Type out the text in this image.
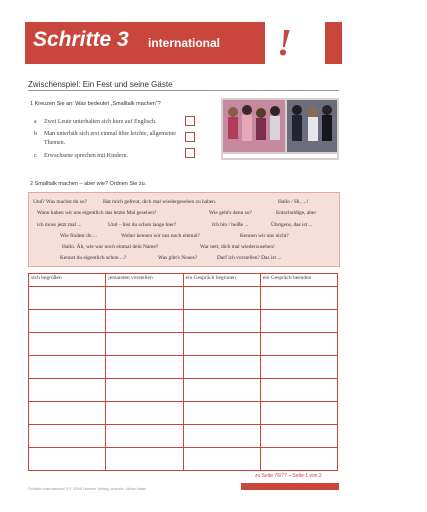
Schritte 3 international ! 7
Zwischenspiel: Ein Fest und seine Gäste
1 Kreuzen Sie an: Was bedeutet „Smalltalk machen“?
a Zwei Leute unterhalten sich kurz auf Englisch.
b Man unterhält sich erst einmal über leichte, allgemeine Themen.
c Erwachsene sprechen mit Kindern.
2 Smalltalk machen – aber wie? Ordnen Sie zu.
Und? Was machst du so?	Hat mich gefreut, dich mal wiedergesehen zu haben.	Hallo / Hi, ...!
Wann haben wir uns eigentlich das letzte Mal gesehen?	Wie geht's denn so?	Entschuldige, aber
ich muss jetzt mal ...	Und – bist du schon lange hier?	Ich bin / heiße ...	Übrigens, das ist ...
Wie findest du ...	Woher kennen wir uns noch einmal?	Kennen wir uns nicht?
Hallo. Äh, wie war noch einmal dein Name?	War nett, dich mal wiederzusehen!
Kennst du eigentlich schon ...?	Was gibt's Neues?	Darf ich vorstellen? Das ist ...
sich begrüßen	jemanden vorstellen	ein Gespräch beginnen	ein Gespräch beenden

zu Seite 76/77 – Seite 1 von 2
Schritte international 3 © 2006 Hueber Verlag, Autorin: Ulrike Haas
